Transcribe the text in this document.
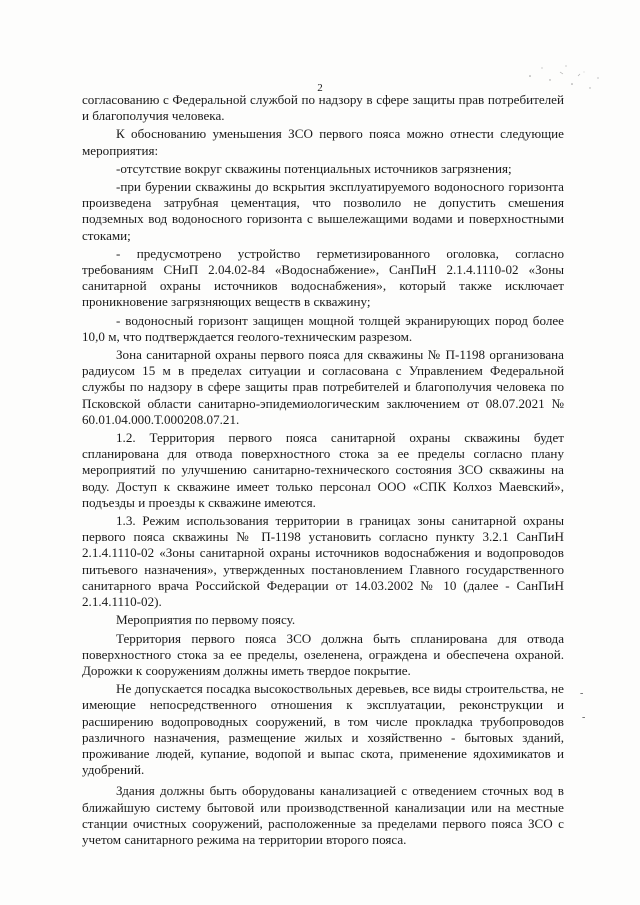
2

согласованию с Федеральной службой по надзору в сфере защиты прав потребителей и благополучия человека.

К обоснованию уменьшения ЗСО первого пояса можно отнести следующие мероприятия:

-отсутствие вокруг скважины потенциальных источников загрязнения;

-при бурении скважины до вскрытия эксплуатируемого водоносного горизонта произведена затрубная цементация, что позволило не допустить смешения подземных вод водоносного горизонта с вышележащими водами и поверхностными стоками;

- предусмотрено устройство герметизированного оголовка, согласно требованиям СНиП 2.04.02-84 «Водоснабжение», СанПиН 2.1.4.1110-02 «Зоны санитарной охраны источников водоснабжения», который также исключает проникновение загрязняющих веществ в скважину;

- водоносный горизонт защищен мощной толщей экранирующих пород более 10,0 м, что подтверждается геолого-техническим разрезом.

Зона санитарной охраны первого пояса для скважины № П-1198 организована радиусом 15 м в пределах ситуации и согласована с Управлением Федеральной службы по надзору в сфере защиты прав потребителей и благополучия человека по Псковской области санитарно-эпидемиологическим заключением от 08.07.2021 № 60.01.04.000.Т.000208.07.21.

1.2. Территория первого пояса санитарной охраны скважины будет спланирована для отвода поверхностного стока за ее пределы согласно плану мероприятий по улучшению санитарно-технического состояния ЗСО скважины на воду. Доступ к скважине имеет только персонал ООО «СПК Колхоз Маевский», подъезды и проезды к скважине имеются.

1.3. Режим использования территории в границах зоны санитарной охраны первого пояса скважины № П-1198 установить согласно пункту 3.2.1 СанПиН 2.1.4.1110-02 «Зоны санитарной охраны источников водоснабжения и водопроводов питьевого назначения», утвержденных постановлением Главного государственного санитарного врача Российской Федерации от 14.03.2002 № 10 (далее - СанПиН 2.1.4.1110-02).

Мероприятия по первому поясу.

Территория первого пояса ЗСО должна быть спланирована для отвода поверхностного стока за ее пределы, озеленена, ограждена и обеспечена охраной. Дорожки к сооружениям должны иметь твердое покрытие.

Не допускается посадка высокоствольных деревьев, все виды строительства, не имеющие непосредственного отношения к эксплуатации, реконструкции и расширению водопроводных сооружений, в том числе прокладка трубопроводов различного назначения, размещение жилых и хозяйственно - бытовых зданий, проживание людей, купание, водопой и выпас скота, применение ядохимикатов и удобрений.

Здания должны быть оборудованы канализацией с отведением сточных вод в ближайшую систему бытовой или производственной канализации или на местные станции очистных сооружений, расположенные за пределами первого пояса ЗСО с учетом санитарного режима на территории второго пояса.

-
-
